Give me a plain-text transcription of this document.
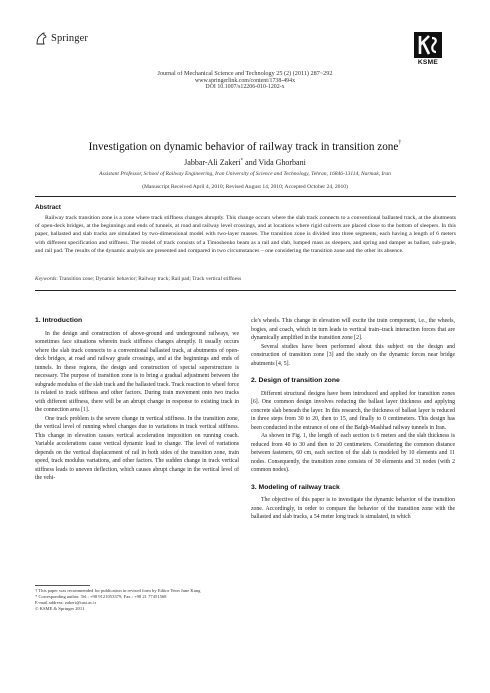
Springer
KSME
Journal of Mechanical Science and Technology 25 (2) (2011) 287~292
www.springerlink.com/content/1738-494x
DOI 10.1007/s12206-010-1202-x
Investigation on dynamic behavior of railway track in transition zone†
Jabbar-Ali Zakeri* and Vida Ghorbani
Assistant Professor, School of Railway Engineering, Iran University of Science and Technology, Tehran, 16846-13114, Narmak, Iran
(Manuscript Received April 4, 2010; Revised August 14, 2010; Accepted October 24, 2010)
Abstract
Railway track transition zone is a zone where track stiffness changes abruptly. This change occurs where the slab track connects to a conventional ballasted track, at the abutments of open-deck bridges, at the beginnings and ends of tunnels, at road and railway level crossings, and at locations where rigid culverts are placed close to the bottom of sleepers. In this paper, ballasted and slab tracks are simulated by two-dimensional model with two-layer masses. The transition zone is divided into three segments, each having a length of 6 meters with different specification and stiffness. The model of track consists of a Timoshenko beam as a rail and slab, lumped mass as sleepers, and spring and damper as ballast, sub-grade, and rail pad. The results of the dynamic analysis are presented and compared in two circumstances – one considering the transition zone and the other its absence.
Keywords: Transition zone; Dynamic behavior; Railway track; Rail pad; Track vertical stiffness
1. Introduction

In the design and construction of above-ground and underground railways, we sometimes face situations wherein track stiffness changes abruptly. It usually occurs where the slab track connects to a conventional ballasted track, at abutments of open-deck bridges, at road and railway grade crossings, and at the beginnings and ends of tunnels. In these regions, the design and construction of special superstructure is necessary. The purpose of transition zone is to bring a gradual adjustment between the subgrade modulus of the slab track and the ballasted track. Track reaction to wheel force is related to track stiffness and other factors. During train movement onto two tracks with different stiffness, there will be an abrupt change in response to existing track in the connection area [1].

One track problem is the severe change in vertical stiffness. In the transition zone, the vertical level of running wheel changes due to variations in track vertical stiffness. This change in elevation causes vertical acceleration imposition on running coach. Variable accelerations cause vertical dynamic load to change. The level of variations depends on the vertical displacement of rail in both sides of the transition zone, train speed, track modulus variations, and other factors. The sudden change in track vertical stiffness leads to uneven deflection, which causes abrupt change in the vertical level of the vehi-

† This paper was recommended for publication in revised form by Editor Yeon June Kang
* Corresponding author. Tel.: +98 9121053379, Fax.: +98 21 77451568
E-mail address: zakeri@iust.ac.ir
© KSME & Springer 2011

cle's wheels. This change in elevation will excite the train component, i.e., the wheels, bogies, and coach, which in turn leads to vertical train–track interaction forces that are dynamically amplified in the transition zone [2].

Several studies have been performed about this subject on the design and construction of transition zone [3] and the study on the dynamic forces near bridge abutments [4, 5].

2. Design of transition zone

Different structural designs have been introduced and applied for transition zones [6]. One common design involves reducing the ballast layer thickness and applying concrete slab beneath the layer. In this research, the thickness of ballast layer is reduced in three steps from 30 to 20, then to 15, and finally to 0 centimeters. This design has been conducted in the entrance of one of the Bafgh-Mashhad railway tunnels in Iran.

As shown in Fig. 1, the length of each section is 6 meters and the slab thickness is reduced from 40 to 30 and then to 20 centimeters. Considering the common distance between fasteners, 60 cm, each section of the slab is modeled by 10 elements and 11 nodes. Consequently, the transition zone consists of 30 elements and 31 nodes (with 2 common nodes).

3. Modeling of railway track

The objective of this paper is to investigate the dynamic behavior of the transition zone. Accordingly, in order to compare the behavior of the transition zone with the ballasted and slab tracks, a 54 meter long track is simulated, in which
